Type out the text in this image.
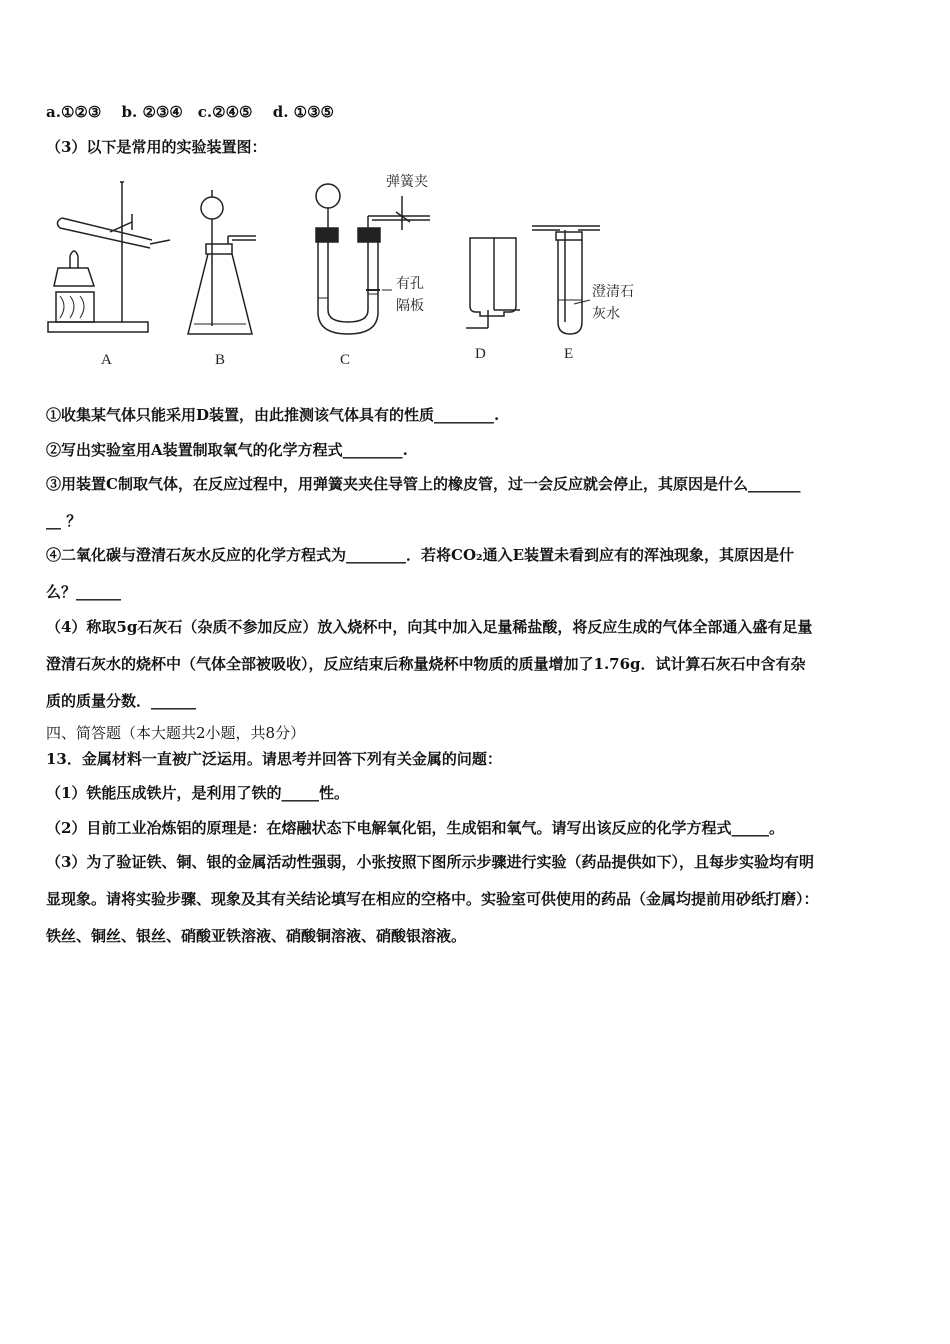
a.①②③　 b. ②③④　c.②④⑤　 d. ①③⑤
（3）以下是常用的实验装置图：
弹簧夹
有孔
隔板
澄清石
灰水
A	B	C	D	E
①收集某气体只能采用D装置，由此推测该气体具有的性质________.
②写出实验室用A装置制取氧气的化学方程式________.
③用装置C制取气体，在反应过程中，用弹簧夹夹住导管上的橡皮管，过一会反应就会停止，其原因是什么_______
__ ？
④二氧化碳与澄清石灰水反应的化学方程式为________．若将CO₂通入E装置未看到应有的浑浊现象，其原因是什
么？______
（4）称取5g石灰石（杂质不参加反应）放入烧杯中，向其中加入足量稀盐酸，将反应生成的气体全部通入盛有足量
澄清石灰水的烧杯中（气体全部被吸收），反应结束后称量烧杯中物质的质量增加了1.76g．试计算石灰石中含有杂
质的质量分数．______
四、简答题（本大题共2小题，共8分）
13．金属材料一直被广泛运用。请思考并回答下列有关金属的问题：
（1）铁能压成铁片，是利用了铁的_____性。
（2）目前工业冶炼铝的原理是：在熔融状态下电解氧化铝，生成铝和氧气。请写出该反应的化学方程式_____。
（3）为了验证铁、铜、银的金属活动性强弱，小张按照下图所示步骤进行实验（药品提供如下），且每步实验均有明
显现象。请将实验步骤、现象及其有关结论填写在相应的空格中。实验室可供使用的药品（金属均提前用砂纸打磨）：
铁丝、铜丝、银丝、硝酸亚铁溶液、硝酸铜溶液、硝酸银溶液。
